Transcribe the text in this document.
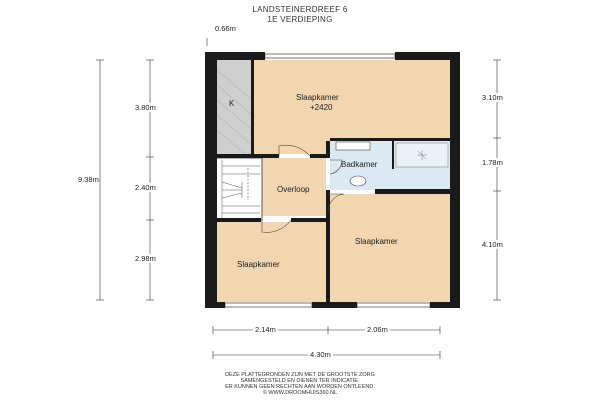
LANDSTEINERDREEF 6
1E VERDIEPING
0.66m
9.38m
3.80m
2.40m
2.98m
3.10m
1.78m
4.10m
2.14m	2.06m
4.30m
K
Slaapkamer
+2420
Badkamer
Overloop
Slaapkamer
Slaapkamer
DEZE PLATTEGRONDEN ZIJN MET DE GROOTSTE ZORG
SAMENGESTELD EN DIENEN TER INDICATIE.
ER KUNNEN GEEN RECHTEN AAN WORDEN ONTLEEND.
© WWW.DROOMHUIS360.NL
